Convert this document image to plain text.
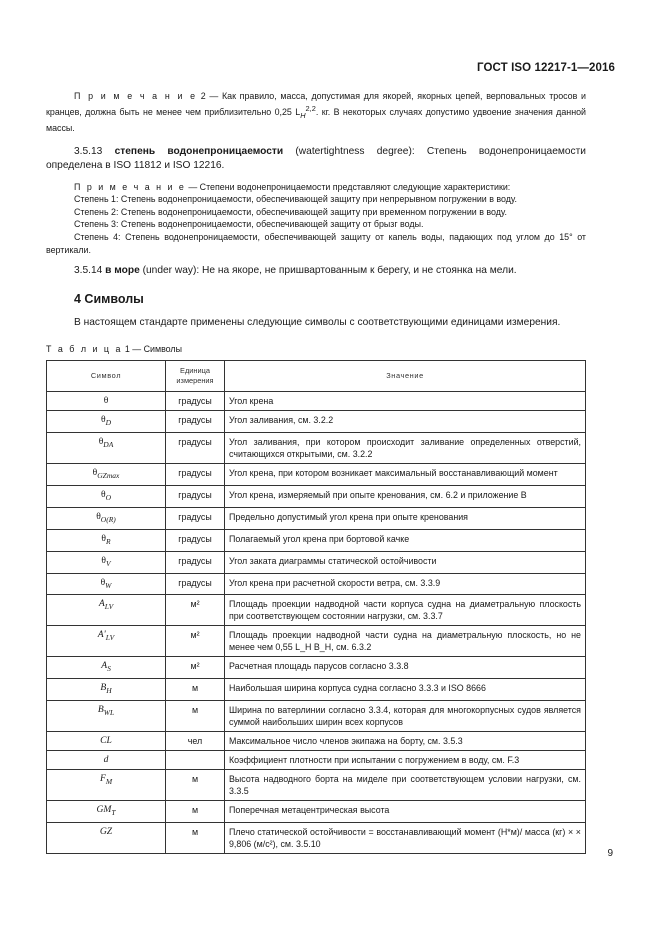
ГОСТ ISO 12217-1—2016

П р и м е ч а н и е 2 — Как правило, масса, допустимая для якорей, якорных цепей, верповальных тросов и кранцев, должна быть не менее чем приблизительно 0,25 $L_H^{2,2}$. кг. В некоторых случаях допустимо удвоение значения данной массы.

3.5.13 степень водонепроницаемости (watertightness degree): Степень водонепроницаемости определена в ISO 11812 и ISO 12216.

П р и м е ч а н и е — Степени водонепроницаемости представляют следующие характеристики:

Степень 1: Степень водонепроницаемости, обеспечивающей защиту при непрерывном погружении в воду.

Степень 2: Степень водонепроницаемости, обеспечивающей защиту при временном погружении в воду.

Степень 3: Степень водонепроницаемости, обеспечивающей защиту от брызг воды.

Степень 4: Степень водонепроницаемости, обеспечивающей защиту от капель воды, падающих под углом до 15° от вертикали.

3.5.14 в море (under way): Не на якоре, не пришвартованным к берегу, и не стоянка на мели.

4 Символы

В настоящем стандарте применены следующие символы с соответствующими единицами измерения.

Т а б л и ц а 1 — Символы

Символ	Единица измерения	Значение
θ	градусы	Угол крена
$\theta_D$	градусы	Угол заливания, см. 3.2.2
$\theta_{DA}$	градусы	Угол заливания, при котором происходит заливание определенных отверстий, считающихся открытыми, см. 3.2.2
$\theta_{GZmax}$	градусы	Угол крена, при котором возникает максимальный восстанавливающий момент
$\theta_O$	градусы	Угол крена, измеряемый при опыте кренования, см. 6.2 и приложение B
$\theta_{O(R)}$	градусы	Предельно допустимый угол крена при опыте кренования
$\theta_R$	градусы	Полагаемый угол крена при бортовой качке
$\theta_V$	градусы	Угол заката диаграммы статической остойчивости
$\theta_W$	градусы	Угол крена при расчетной скорости ветра, см. 3.3.9
$A_{LV}$	м²	Площадь проекции надводной части корпуса судна на диаметральную плоскость при соответствующем состоянии нагрузки, см. 3.3.7
$A'_{LV}$	м²	Площадь проекции надводной части судна на диаметральную плоскость, но не менее чем 0,55 L_H B_H, см. 6.3.2
$A_S$	м²	Расчетная площадь парусов согласно 3.3.8
$B_H$	м	Наибольшая ширина корпуса судна согласно 3.3.3 и ISO 8666
$B_{WL}$	м	Ширина по ватерлинии согласно 3.3.4, которая для многокорпусных судов является суммой наибольших ширин всех корпусов
CL	чел	Максимальное число членов экипажа на борту, см. 3.5.3
d		Коэффициент плотности при испытании с погружением в воду, см. F.3
$F_M$	м	Высота надводного борта на миделе при соответствующем условии нагрузки, см. 3.3.5
$GM_T$	м	Поперечная метацентрическая высота
GZ	м	Плечо статической остойчивости = восстанавливающий момент (Н*м)/ масса (кг) × × 9,806 (м/с²), см. 3.5.10
9
